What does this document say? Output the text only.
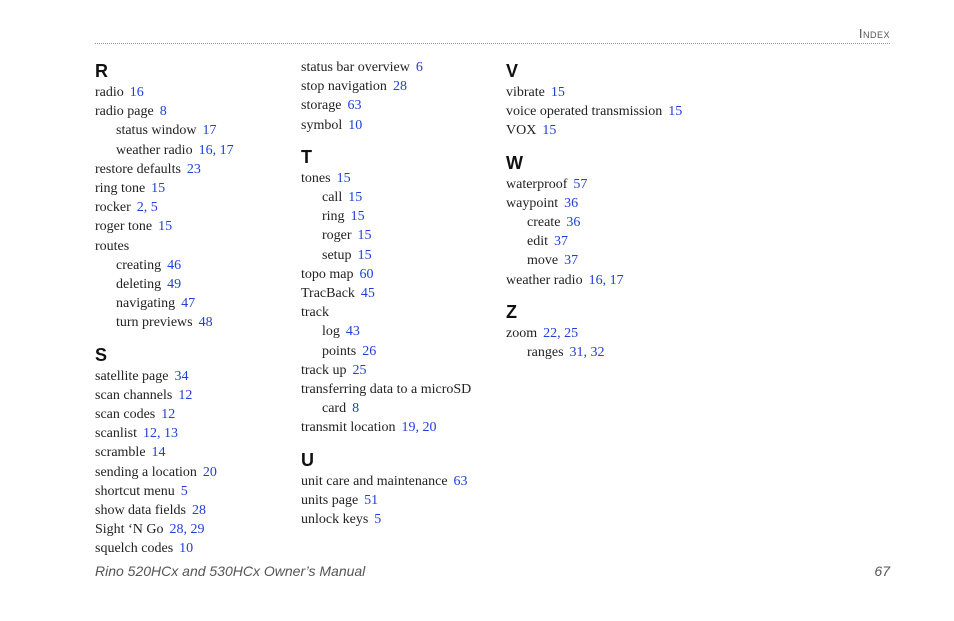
Index
R
radio 16
radio page 8
status window 17
weather radio 16, 17
restore defaults 23
ring tone 15
rocker 2, 5
roger tone 15
routes
creating 46
deleting 49
navigating 47
turn previews 48
S
satellite page 34
scan channels 12
scan codes 12
scanlist 12, 13
scramble 14
sending a location 20
shortcut menu 5
show data fields 28
Sight ‘N Go 28, 29
squelch codes 10
status bar overview 6
stop navigation 28
storage 63
symbol 10
T
tones 15
call 15
ring 15
roger 15
setup 15
topo map 60
TracBack 45
track
log 43
points 26
track up 25
transferring data to a microSD
card 8
transmit location 19, 20
U
unit care and maintenance 63
units page 51
unlock keys 5
V
vibrate 15
voice operated transmission 15
VOX 15
W
waterproof 57
waypoint 36
create 36
edit 37
move 37
weather radio 16, 17
Z
zoom 22, 25
ranges 31, 32
Rino 520HCx and 530HCx Owner’s Manual	67
